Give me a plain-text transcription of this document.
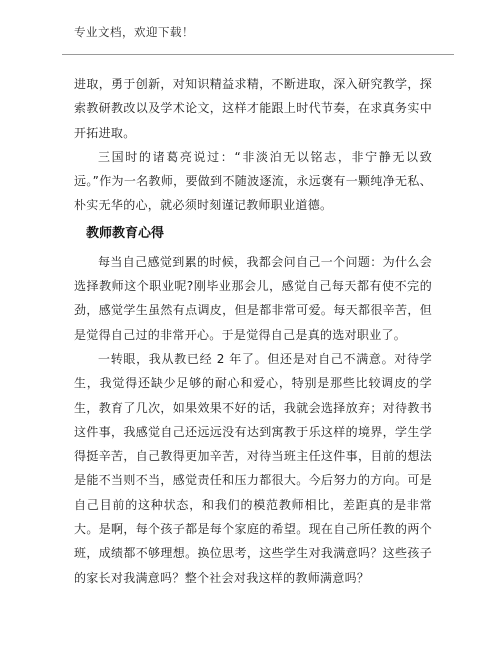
专业文档，欢迎下载！

进取，勇于创新，对知识精益求精，不断进取，深入研究教学，探索教研教改以及学术论文，这样才能跟上时代节奏，在求真务实中开拓进取。

三国时的诸葛亮说过：“非淡泊无以铭志，非宁静无以致远。”作为一名教师，要做到不随波逐流，永远褒有一颗纯净无私、朴实无华的心，就必须时刻谨记教师职业道德。

教师教育心得

每当自己感觉到累的时候，我都会问自己一个问题：为什么会选择教师这个职业呢?刚毕业那会儿，感觉自己每天都有使不完的劲，感觉学生虽然有点调皮，但是都非常可爱。每天都很辛苦，但是觉得自己过的非常开心。于是觉得自己是真的选对职业了。

一转眼，我从教已经 2 年了。但还是对自己不满意。对待学生，我觉得还缺少足够的耐心和爱心，特别是那些比较调皮的学生，教育了几次，如果效果不好的话，我就会选择放弃；对待教书这件事，我感觉自己还远远没有达到寓教于乐这样的境界，学生学得挺辛苦，自己教得更加辛苦，对待当班主任这件事，目前的想法是能不当则不当，感觉责任和压力都很大。今后努力的方向。可是自己目前的这种状态，和我们的模范教师相比，差距真的是非常大。是啊，每个孩子都是每个家庭的希望。现在自己所任教的两个班，成绩都不够理想。换位思考，这些学生对我满意吗？这些孩子的家长对我满意吗？整个社会对我这样的教师满意吗？
